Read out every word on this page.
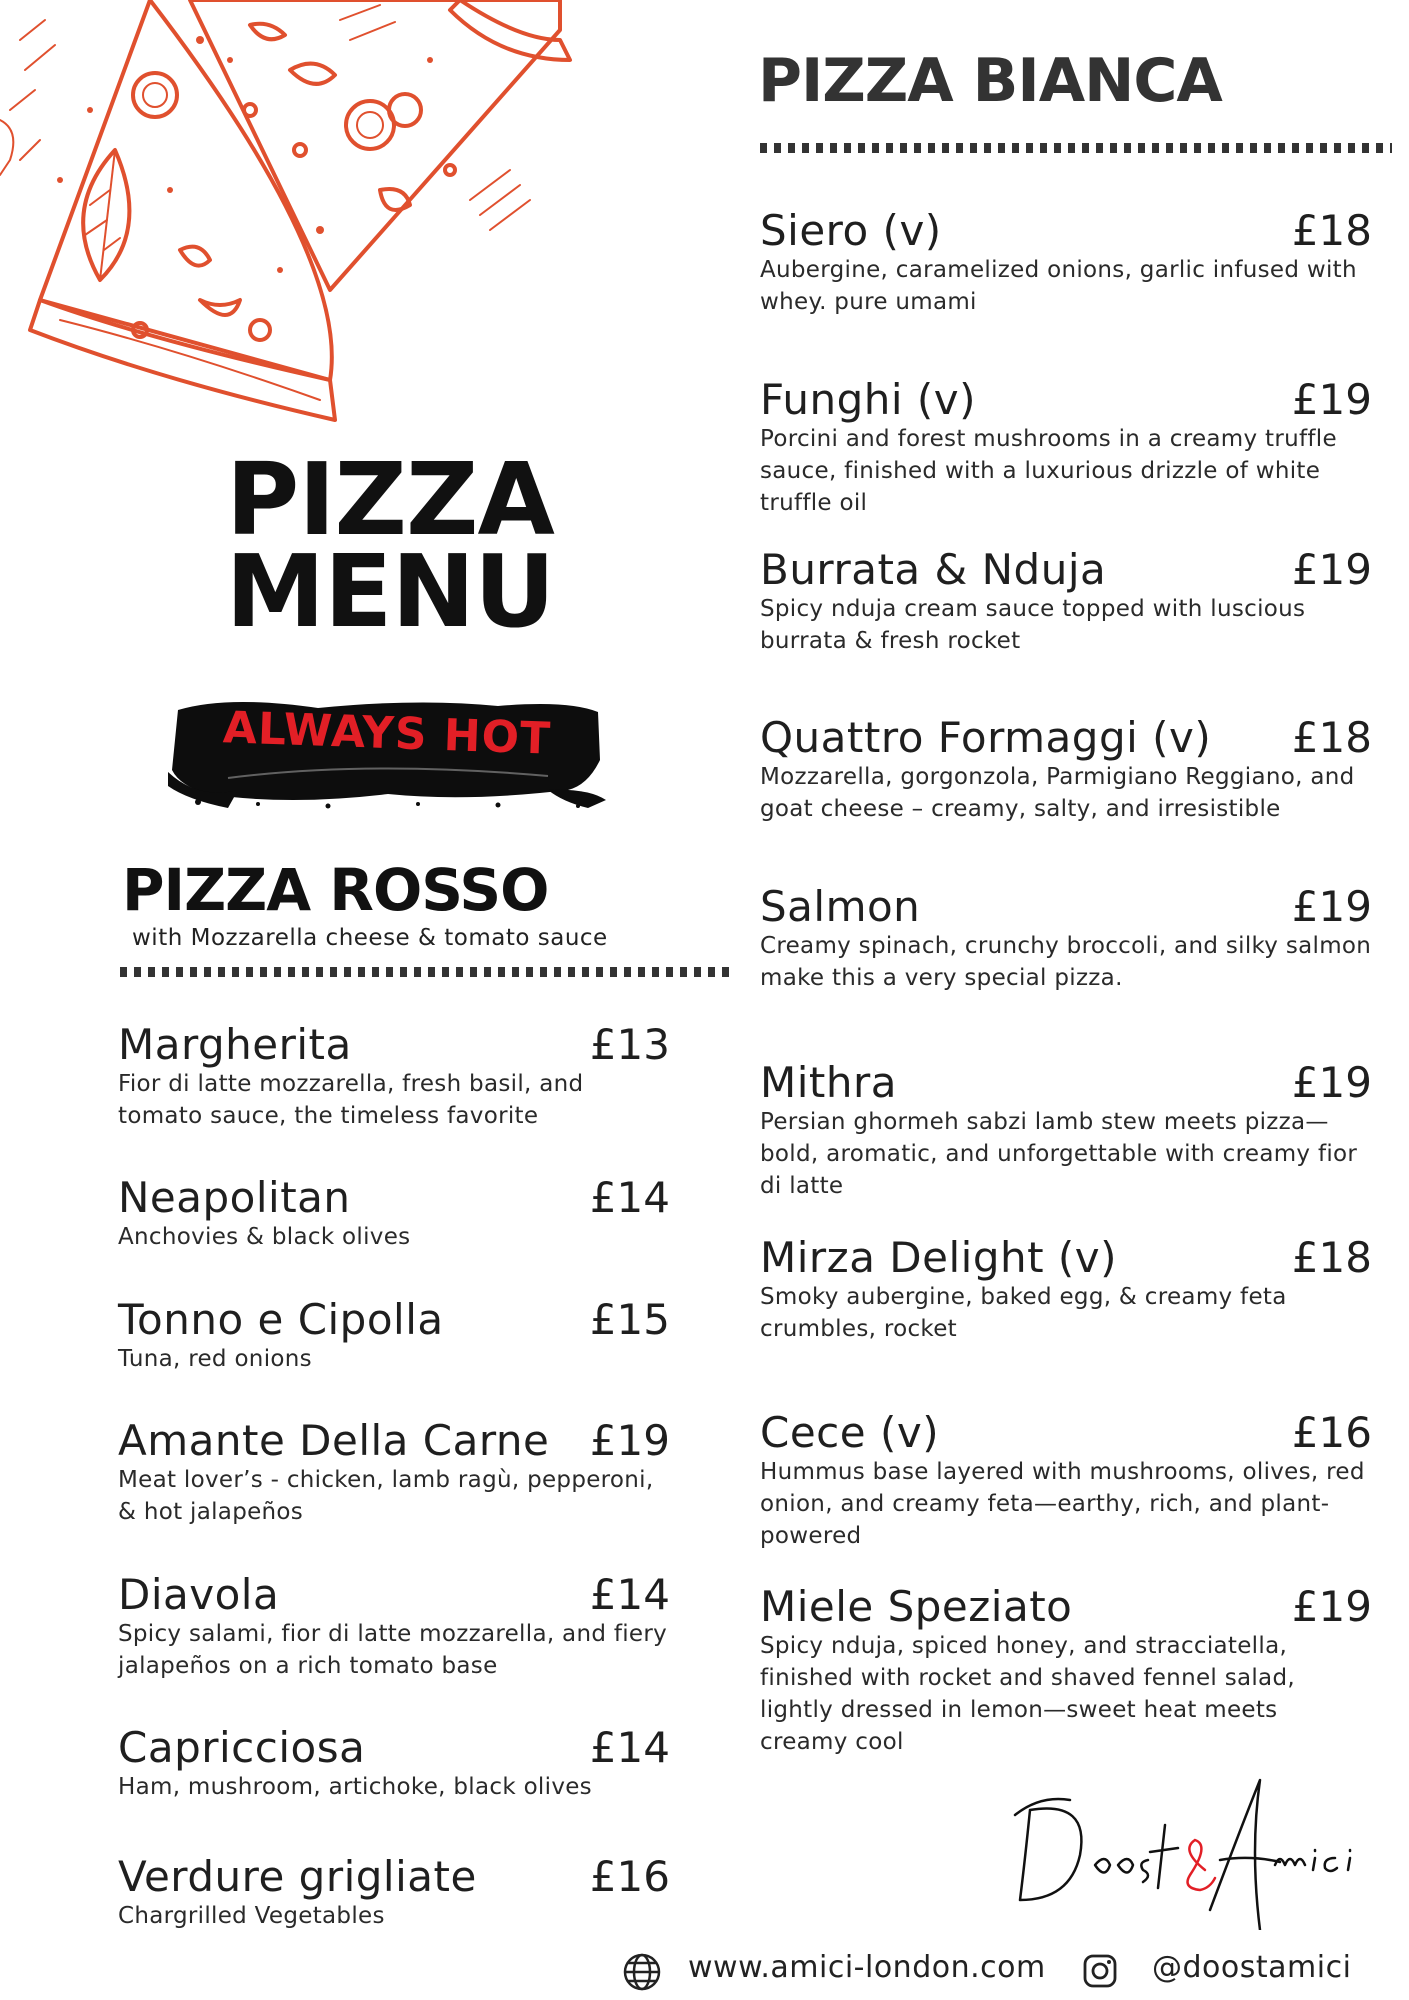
PIZZA
MENU
ALWAYS HOT
PIZZA ROSSO
with Mozzarella cheese & tomato sauce
PIZZA BIANCA
Margherita	£13
Fior di latte mozzarella, fresh basil, and tomato sauce, the timeless favorite
Neapolitan	£14
Anchovies & black olives
Tonno e Cipolla	£15
Tuna, red onions
Amante Della Carne £19
Meat lover’s - chicken, lamb ragù, pepperoni, & hot jalapeños
Diavola	£14
Spicy salami, fior di latte mozzarella, and fiery jalapeños on a rich tomato base
Capricciosa	£14
Ham, mushroom, artichoke, black olives
Verdure grigliate	£16
Chargrilled Vegetables
Siero (v)	£18
Aubergine, caramelized onions, garlic infused with whey. pure umami
Funghi (v)	£19
Porcini and forest mushrooms in a creamy truffle sauce, finished with a luxurious drizzle of white truffle oil
Burrata & Nduja	£19
Spicy nduja cream sauce topped with luscious burrata & fresh rocket
Quattro Formaggi (v) £18
Mozzarella, gorgonzola, Parmigiano Reggiano, and goat cheese – creamy, salty, and irresistible
Salmon	£19
Creamy spinach, crunchy broccoli, and silky salmon make this a very special pizza.
Mithra	£19
Persian ghormeh sabzi lamb stew meets pizza—bold, aromatic, and unforgettable with creamy fior di latte
Mirza Delight (v)	£18
Smoky aubergine, baked egg, & creamy feta crumbles, rocket
Cece (v)	£16
Hummus base layered with mushrooms, olives, red onion, and creamy feta—earthy, rich, and plant-powered
Miele Speziato	£19
Spicy nduja, spiced honey, and stracciatella, finished with rocket and shaved fennel salad, lightly dressed in lemon—sweet heat meets creamy cool
www.amici-london.com	@doostamici
